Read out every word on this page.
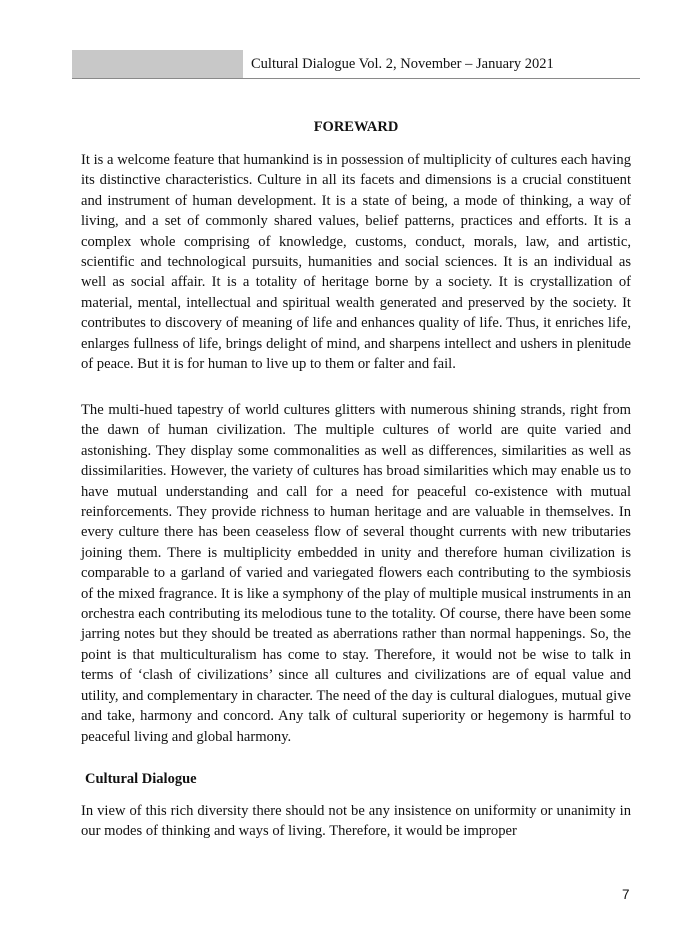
Cultural Dialogue Vol. 2, November – January 2021
FOREWARD

It is a welcome feature that humankind is in possession of multiplicity of cultures each having its distinctive characteristics. Culture in all its facets and dimensions is a crucial constituent and instrument of human development. It is a state of being, a mode of thinking, a way of living, and a set of commonly shared values, belief patterns, practices and efforts. It is a complex whole comprising of knowledge, customs, conduct, morals, law, and artistic, scientific and technological pursuits, humanities and social sciences. It is an individual as well as social affair. It is a totality of heritage borne by a society. It is crystallization of material, mental, intellectual and spiritual wealth generated and preserved by the society. It contributes to discovery of meaning of life and enhances quality of life. Thus, it enriches life, enlarges fullness of life, brings delight of mind, and sharpens intellect and ushers in plenitude of peace. But it is for human to live up to them or falter and fail.

The multi-hued tapestry of world cultures glitters with numerous shining strands, right from the dawn of human civilization. The multiple cultures of world are quite varied and astonishing. They display some commonalities as well as differences, similarities as well as dissimilarities. However, the variety of cultures has broad similarities which may enable us to have mutual understanding and call for a need for peaceful co-existence with mutual reinforcements. They provide richness to human heritage and are valuable in themselves. In every culture there has been ceaseless flow of several thought currents with new tributaries joining them. There is multiplicity embedded in unity and therefore human civilization is comparable to a garland of varied and variegated flowers each contributing to the symbiosis of the mixed fragrance. It is like a symphony of the play of multiple musical instruments in an orchestra each contributing its melodious tune to the totality. Of course, there have been some jarring notes but they should be treated as aberrations rather than normal happenings. So, the point is that multiculturalism has come to stay. Therefore, it would not be wise to talk in terms of ‘clash of civilizations’ since all cultures and civilizations are of equal value and utility, and complementary in character. The need of the day is cultural dialogues, mutual give and take, harmony and concord. Any talk of cultural superiority or hegemony is harmful to peaceful living and global harmony.

Cultural Dialogue

In view of this rich diversity there should not be any insistence on uniformity or unanimity in our modes of thinking and ways of living. Therefore, it would be improper

7
